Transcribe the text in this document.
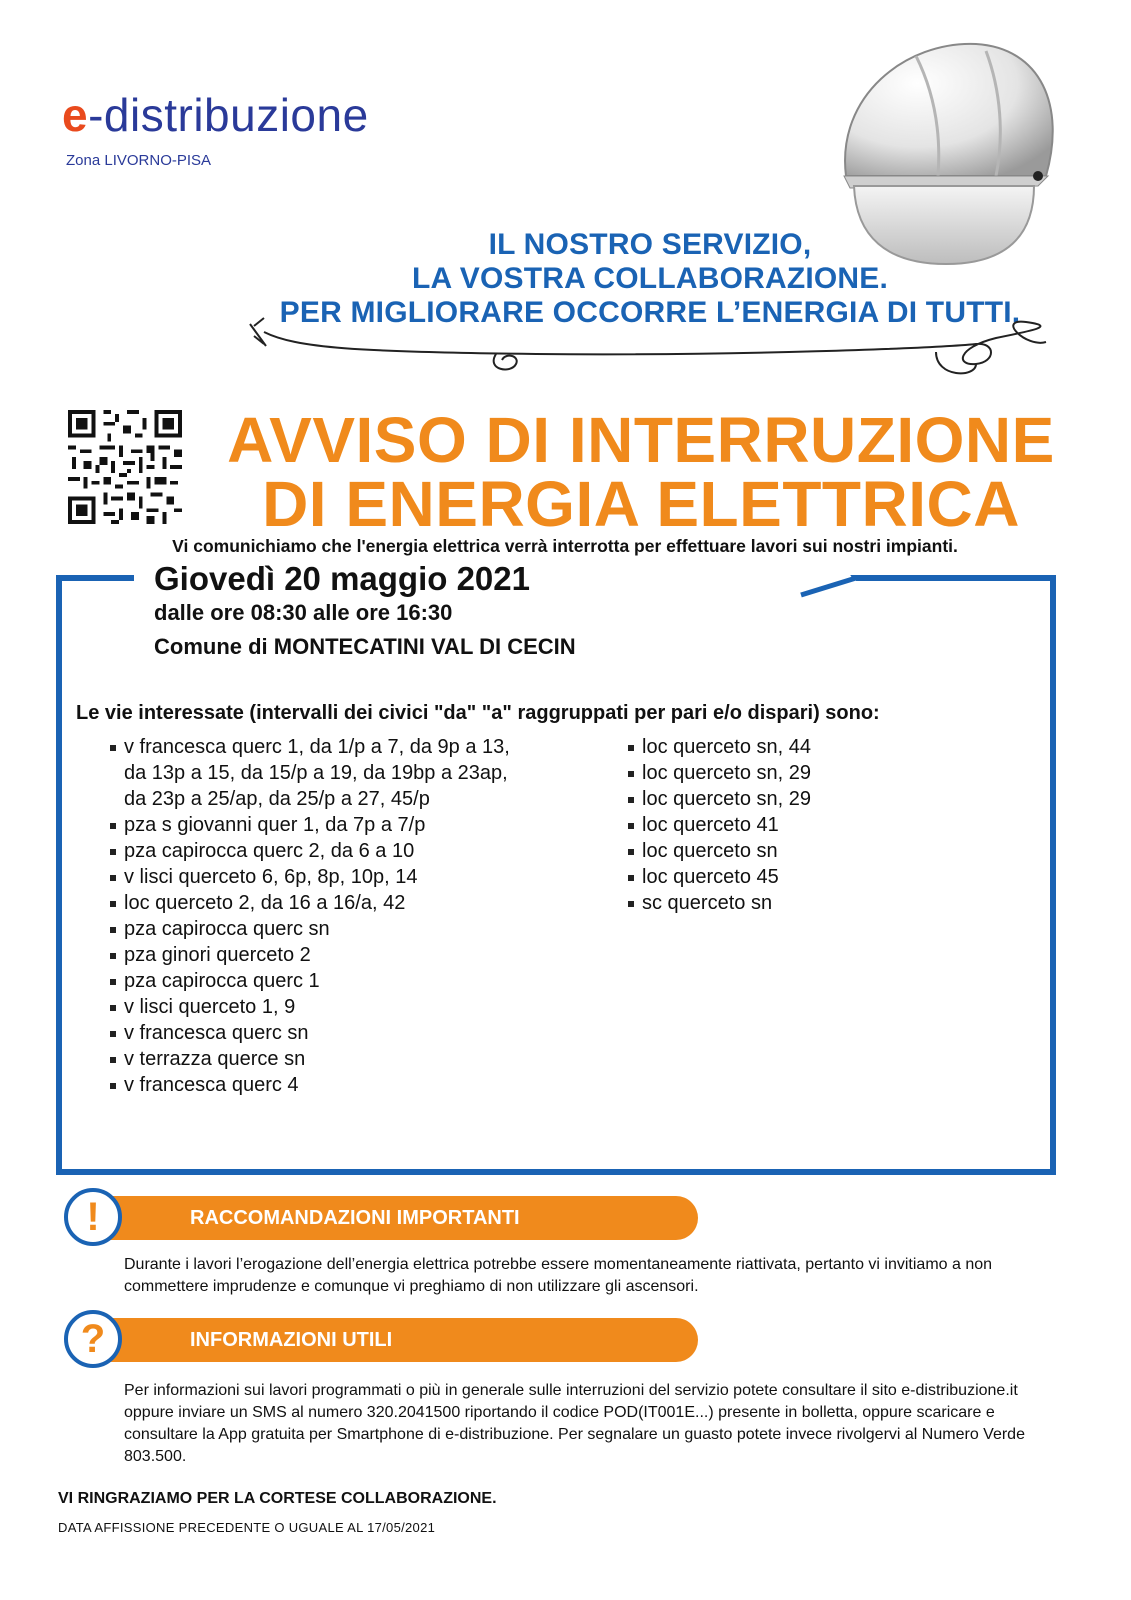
e-distribuzione
Zona LIVORNO-PISA
IL NOSTRO SERVIZIO,
LA VOSTRA COLLABORAZIONE.
PER MIGLIORARE OCCORRE L’ENERGIA DI TUTTI.
AVVISO DI INTERRUZIONE
DI ENERGIA ELETTRICA
Vi comunichiamo che l'energia elettrica verrà interrotta per effettuare lavori sui nostri impianti.
Giovedì 20 maggio 2021
dalle ore 08:30 alle ore 16:30
Comune di MONTECATINI VAL DI CECIN
Le vie interessate (intervalli dei civici "da" "a" raggruppati per pari e/o dispari) sono:
v francesca querc 1, da 1/p a 7, da 9p a 13, da 13p a 15, da 15/p a 19, da 19bp a 23ap, da 23p a 25/ap, da 25/p a 27, 45/p
pza s giovanni quer 1, da 7p a 7/p
pza capirocca querc 2, da 6 a 10
v lisci querceto 6, 6p, 8p, 10p, 14
loc querceto 2, da 16 a 16/a, 42
pza capirocca querc sn
pza ginori querceto 2
pza capirocca querc 1
v lisci querceto 1, 9
v francesca querc sn
v terrazza querce sn
v francesca querc 4
loc querceto sn, 44
loc querceto sn, 29
loc querceto sn, 29
loc querceto 41
loc querceto sn
loc querceto 45
sc querceto sn
RACCOMANDAZIONI IMPORTANTI
!
Durante i lavori l’erogazione dell’energia elettrica potrebbe essere momentaneamente riattivata, pertanto vi invitiamo a non commettere imprudenze e comunque vi preghiamo di non utilizzare gli ascensori.
INFORMAZIONI UTILI
?
Per informazioni sui lavori programmati o più in generale sulle interruzioni del servizio potete consultare il sito e-distribuzione.it oppure inviare un SMS al numero 320.2041500 riportando il codice POD(IT001E...) presente in bolletta, oppure scaricare e consultare la App gratuita per Smartphone di e-distribuzione. Per segnalare un guasto potete invece rivolgervi al Numero Verde 803.500.
VI RINGRAZIAMO PER LA CORTESE COLLABORAZIONE.
DATA AFFISSIONE PRECEDENTE O UGUALE AL 17/05/2021
